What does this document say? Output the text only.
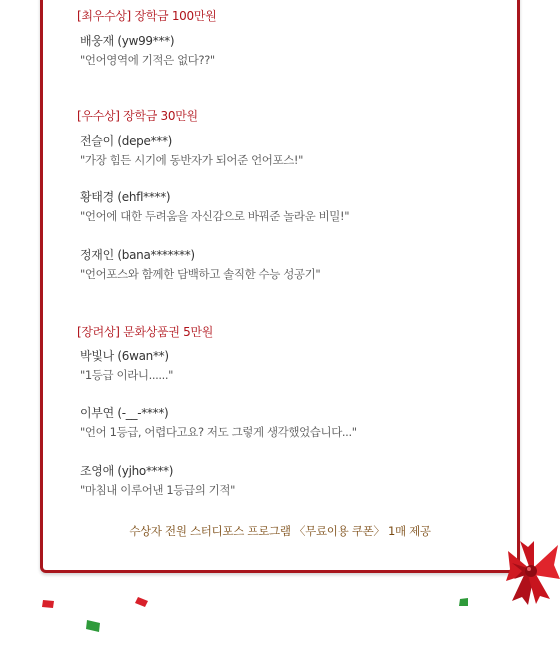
[최우수상] 장학금 100만원
배웅재 (yw99***)
"언어영역에 기적은 없다??"
[우수상] 장학금 30만원
전슬이 (depe***)
"가장 힘든 시기에 동반자가 되어준 언어포스!"
황태경 (ehfl****)
"언어에 대한 두려움을 자신감으로 바꿔준 놀라운 비밀!"
정재인 (bana*******)
"언어포스와 함께한 담백하고 솔직한 수능 성공기"
[장려상] 문화상품권 5만원
박빛나 (6wan**)
"1등급 이라니......"
이부연 (-__-****)
"언어 1등급, 어렵다고요? 저도 그렇게 생각했었습니다..."
조영애 (yjho****)
"마침내 이루어낸 1등급의 기적"
수상자 전원 스터디포스 프로그램 〈무료이용 쿠폰〉 1매 제공
